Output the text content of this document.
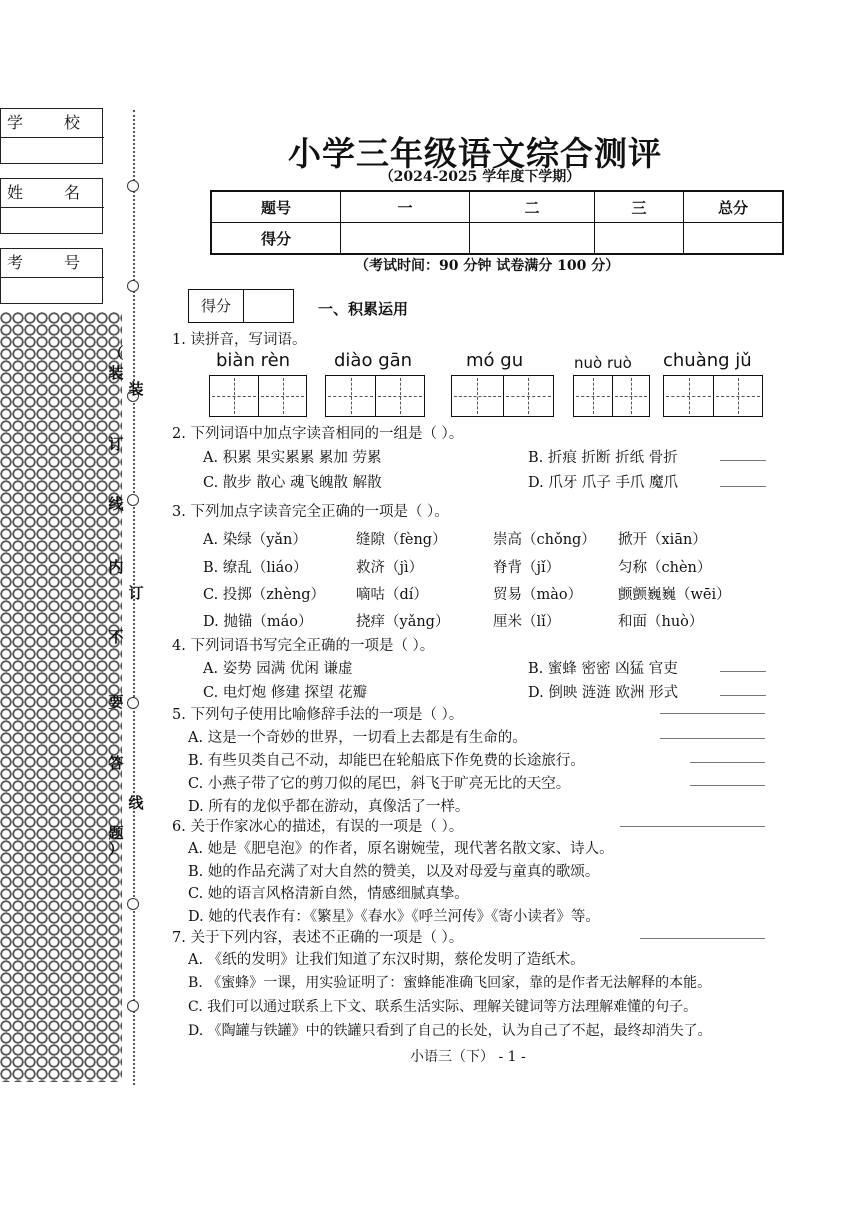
学 校
姓 名
考 号
（
装
装
订
线
内
订
不
要
答
线
题
）
小学三年级语文综合测评
（2024-2025 学年度下学期）
题号	一	二	三	总分
得分				
（考试时间：90 分钟 试卷满分 100 分）
得分	一、积累运用
1. 读拼音，写词语。
biàn rèn diào gān	mó gu	nuò ruò chuàng jǔ
2. 下列词语中加点字读音相同的一组是（ ）。
A. 积累 果实累累 累加 劳累	B. 折痕 折断 折纸 骨折
C. 散步 散心 魂飞魄散 解散	D. 爪牙 爪子 手爪 魔爪
3. 下列加点字读音完全正确的一项是（ ）。
A. 染绿（yǎn）	缝隙（fèng）	崇高（chǒng） 掀开（xiān）
B. 缭乱（liáo）	救济（jì）	脊背（jǐ）	匀称（chèn）
C. 投掷（zhèng） 嘀咕（dí）	贸易（mào） 颤颤巍巍（wēi）
D. 抛锚（máo）	挠痒（yǎng）	厘米（lǐ）	和面（huò）
4. 下列词语书写完全正确的一项是（ ）。
A. 姿势 园满 优闲 谦虚	B. 蜜蜂 密密 凶猛 官吏
C. 电灯炮 修建 探望 花瓣	D. 倒映 涟涟 欧洲 形式
5. 下列句子使用比喻修辞手法的一项是（ ）。
A. 这是一个奇妙的世界，一切看上去都是有生命的。
B. 有些贝类自己不动，却能巴在轮船底下作免费的长途旅行。
C. 小燕子带了它的剪刀似的尾巴，斜飞于旷亮无比的天空。
D. 所有的龙似乎都在游动，真像活了一样。
6. 关于作家冰心的描述，有误的一项是（ ）。
A. 她是《肥皂泡》的作者，原名谢婉莹，现代著名散文家、诗人。
B. 她的作品充满了对大自然的赞美，以及对母爱与童真的歌颂。
C. 她的语言风格清新自然，情感细腻真挚。
D. 她的代表作有：《繁星》《春水》《呼兰河传》《寄小读者》等。
7. 关于下列内容，表述不正确的一项是（ ）。
A. 《纸的发明》让我们知道了东汉时期，蔡伦发明了造纸术。
B. 《蜜蜂》一课，用实验证明了：蜜蜂能准确飞回家，靠的是作者无法解释的本能。
C. 我们可以通过联系上下文、联系生活实际、理解关键词等方法理解难懂的句子。
D. 《陶罐与铁罐》中的铁罐只看到了自己的长处，认为自己了不起，最终却消失了。
小语三（下） - 1 -
